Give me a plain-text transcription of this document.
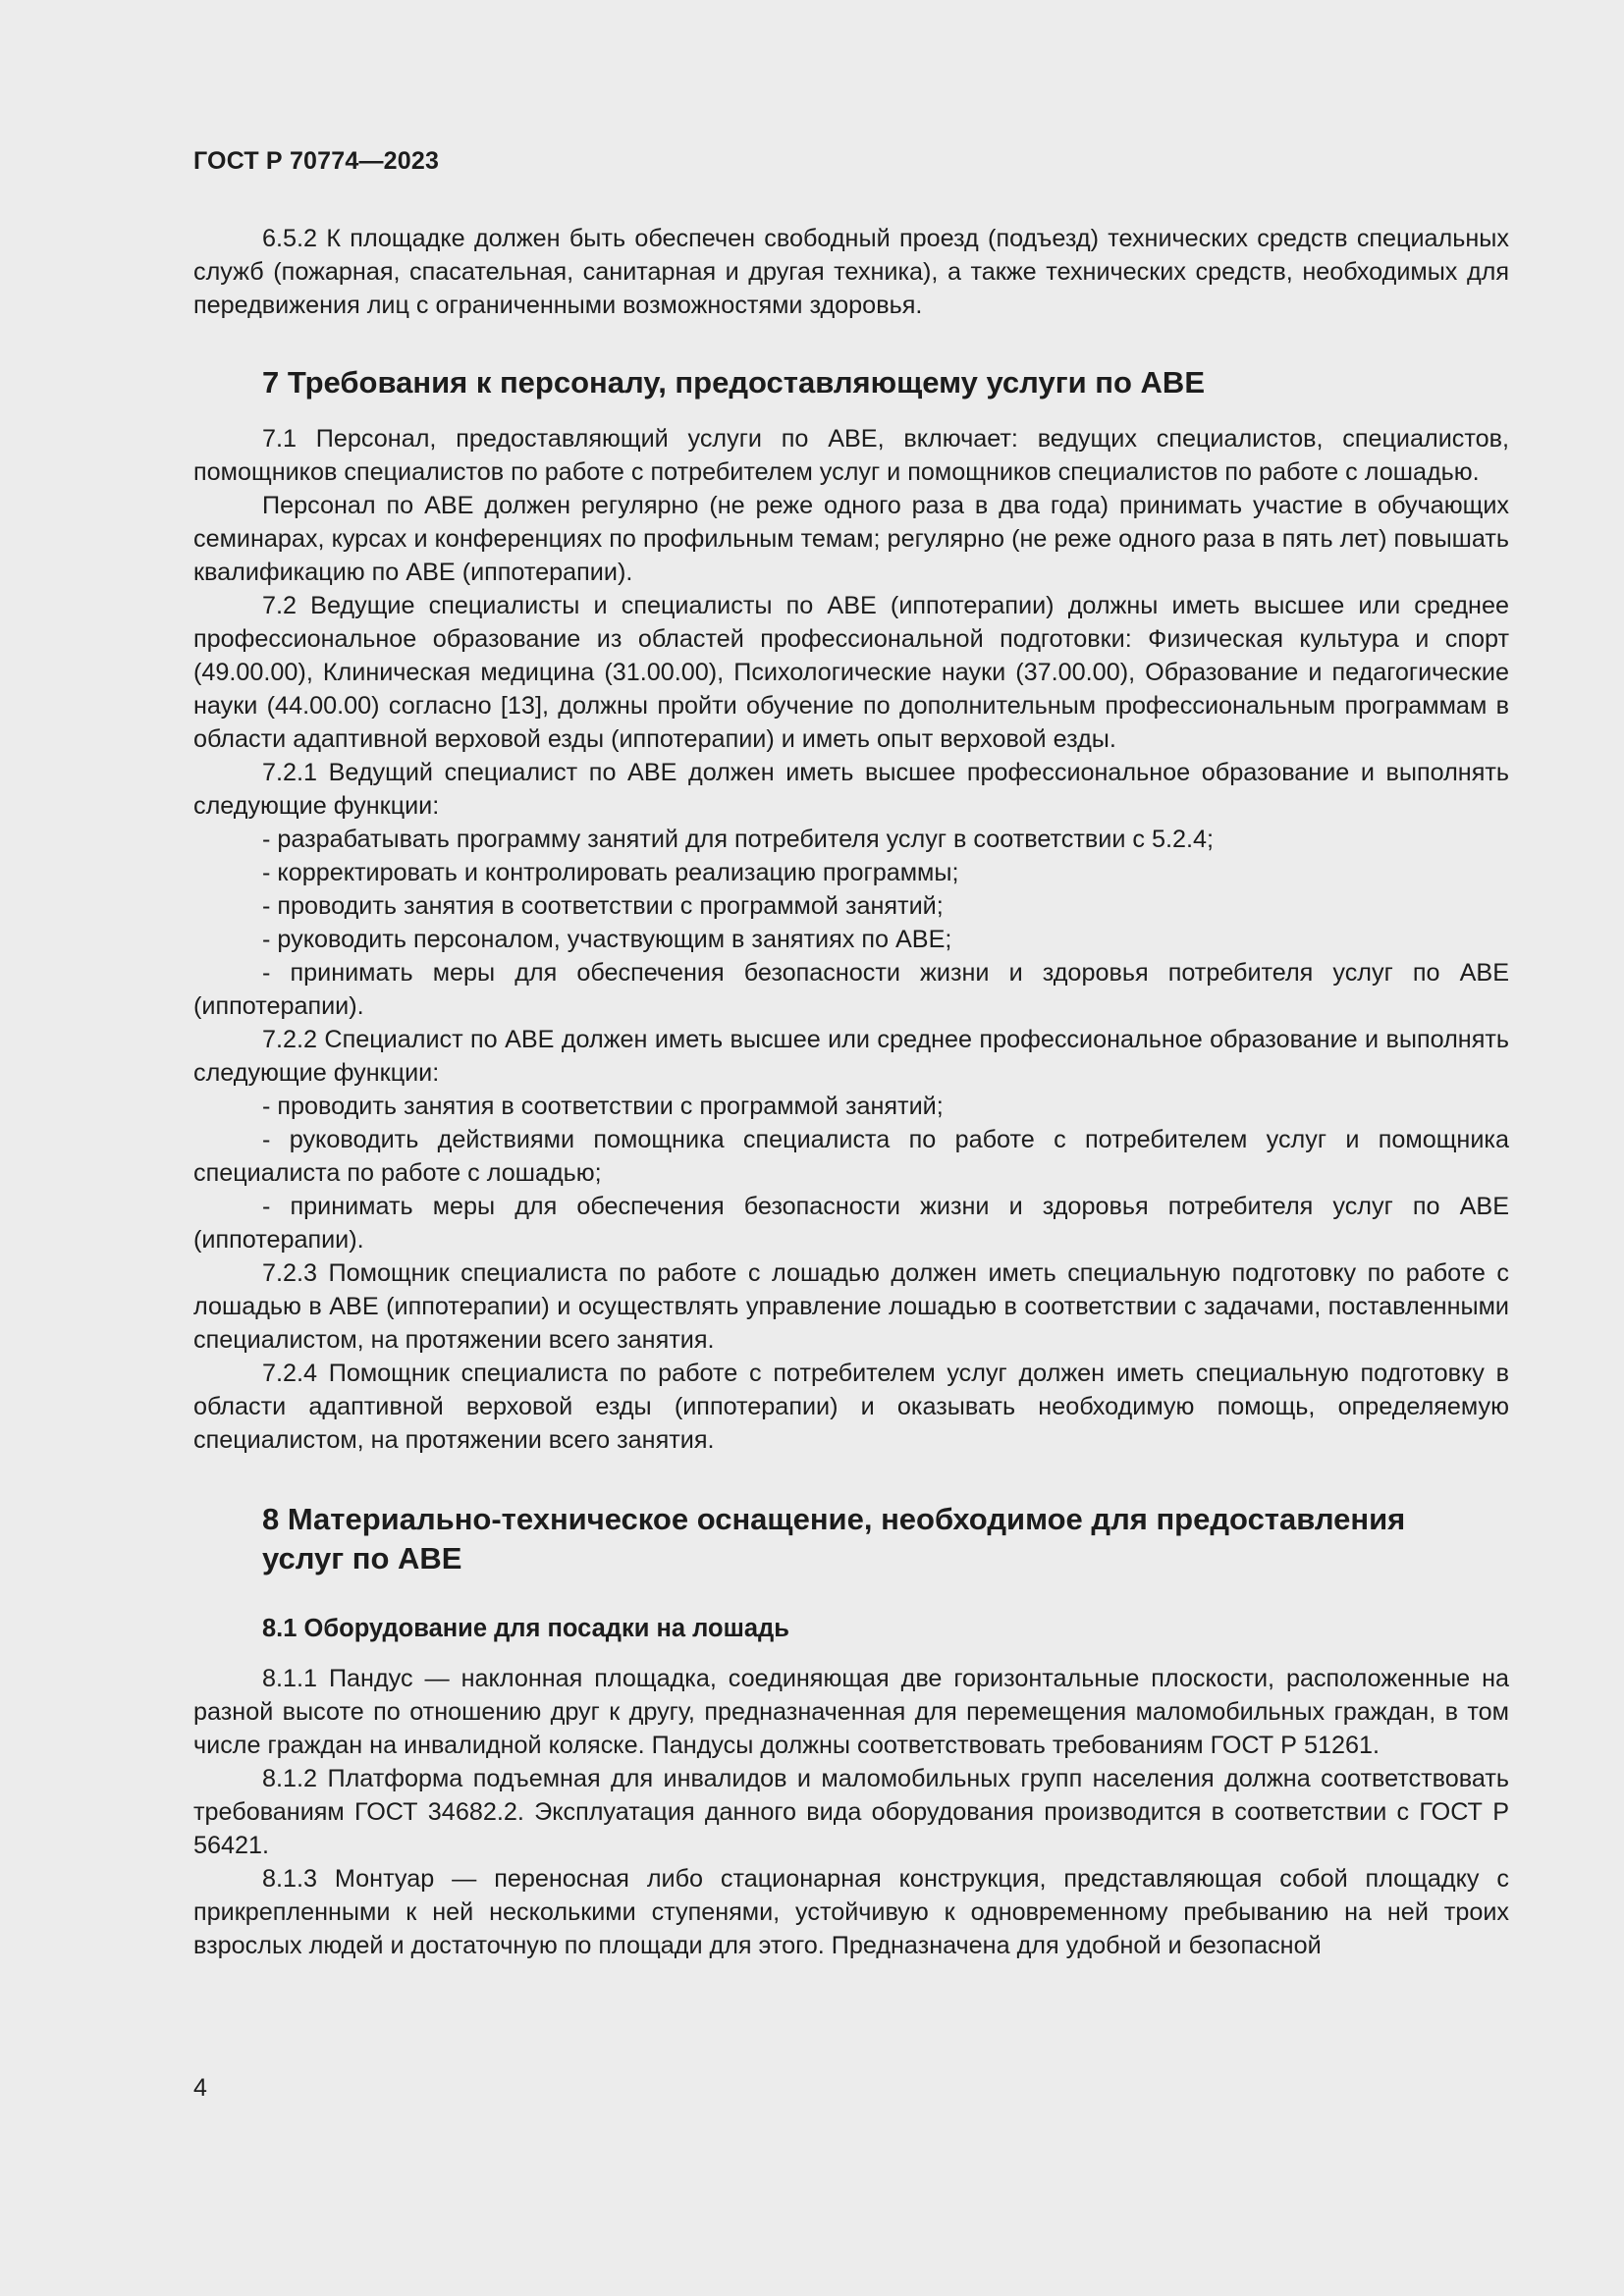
ГОСТ Р 70774—2023

6.5.2 К площадке должен быть обеспечен свободный проезд (подъезд) технических средств специальных служб (пожарная, спасательная, санитарная и другая техника), а также технических средств, необходимых для передвижения лиц с ограниченными возможностями здоровья.

7 Требования к персоналу, предоставляющему услуги по АВЕ

7.1 Персонал, предоставляющий услуги по АВЕ, включает: ведущих специалистов, специалистов, помощников специалистов по работе с потребителем услуг и помощников специалистов по работе с лошадью.

Персонал по АВЕ должен регулярно (не реже одного раза в два года) принимать участие в обучающих семинарах, курсах и конференциях по профильным темам; регулярно (не реже одного раза в пять лет) повышать квалификацию по АВЕ (иппотерапии).

7.2 Ведущие специалисты и специалисты по АВЕ (иппотерапии) должны иметь высшее или среднее профессиональное образование из областей профессиональной подготовки: Физическая культура и спорт (49.00.00), Клиническая медицина (31.00.00), Психологические науки (37.00.00), Образование и педагогические науки (44.00.00) согласно [13], должны пройти обучение по дополнительным профессиональным программам в области адаптивной верховой езды (иппотерапии) и иметь опыт верховой езды.

7.2.1 Ведущий специалист по АВЕ должен иметь высшее профессиональное образование и выполнять следующие функции:

- разрабатывать программу занятий для потребителя услуг в соответствии с 5.2.4;

- корректировать и контролировать реализацию программы;

- проводить занятия в соответствии с программой занятий;

- руководить персоналом, участвующим в занятиях по АВЕ;

- принимать меры для обеспечения безопасности жизни и здоровья потребителя услуг по АВЕ (иппотерапии).

7.2.2 Специалист по АВЕ должен иметь высшее или среднее профессиональное образование и выполнять следующие функции:

- проводить занятия в соответствии с программой занятий;

- руководить действиями помощника специалиста по работе с потребителем услуг и помощника специалиста по работе с лошадью;

- принимать меры для обеспечения безопасности жизни и здоровья потребителя услуг по АВЕ (иппотерапии).

7.2.3 Помощник специалиста по работе с лошадью должен иметь специальную подготовку по работе с лошадью в АВЕ (иппотерапии) и осуществлять управление лошадью в соответствии с задачами, поставленными специалистом, на протяжении всего занятия.

7.2.4 Помощник специалиста по работе с потребителем услуг должен иметь специальную подготовку в области адаптивной верховой езды (иппотерапии) и оказывать необходимую помощь, определяемую специалистом, на протяжении всего занятия.

8 Материально-техническое оснащение, необходимое для предоставления
услуг по АВЕ
8.1 Оборудование для посадки на лошадь

8.1.1 Пандус — наклонная площадка, соединяющая две горизонтальные плоскости, расположенные на разной высоте по отношению друг к другу, предназначенная для перемещения маломобильных граждан, в том числе граждан на инвалидной коляске. Пандусы должны соответствовать требованиям ГОСТ Р 51261.

8.1.2 Платформа подъемная для инвалидов и маломобильных групп населения должна соответствовать требованиям ГОСТ 34682.2. Эксплуатация данного вида оборудования производится в соответствии с ГОСТ Р 56421.

8.1.3 Монтуар — переносная либо стационарная конструкция, представляющая собой площадку с прикрепленными к ней несколькими ступенями, устойчивую к одновременному пребыванию на ней троих взрослых людей и достаточную по площади для этого. Предназначена для удобной и безопасной

4
